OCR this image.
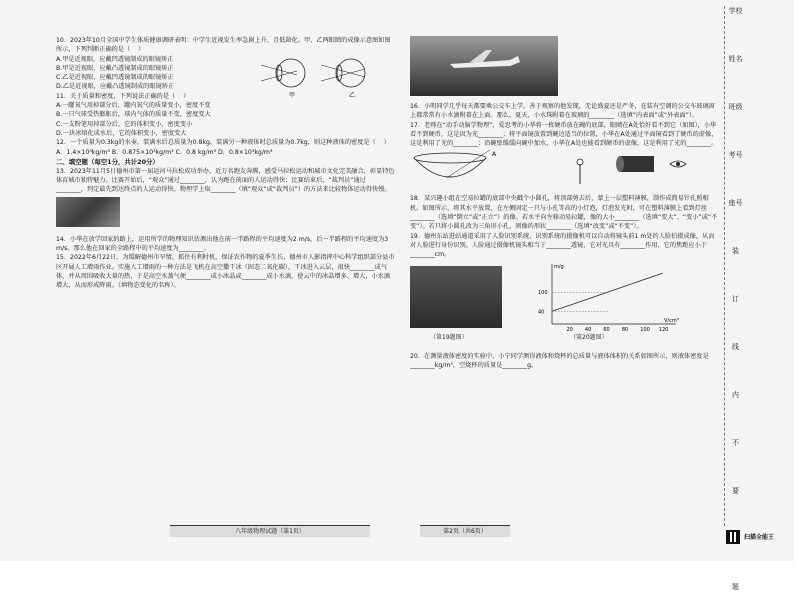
10．2023年10月全国中学生体质健康调研表明：中学生近视发生率急剧上升，且低龄化。甲、乙两眼睛的成像示意图如图所示，下列判断正确的是（    ）

A.甲是近视眼，应戴凹透镜制成的眼镜矫正
B.甲是近视眼，应戴凸透镜制成的眼镜矫正
C.乙是近视眼，应戴凹透镜制成的眼镜矫正
D.乙是近视眼，应戴凸透镜制成的眼镜矫正
甲	乙

11．关于质量和密度，下列说法正确的是（    ）

A.一罐氧气用掉部分后，罐内氧气的质量变小，密度不变
B.一只气球受热膨胀后，球内气体的质量不变，密度变大
C.一支粉笔用掉部分后，它的体积变小，密度变小
D.一块冰熔化成水后，它的体积变小，密度变大

12．一个质量为0.3kg的水壶，装满水后总质量为0.8kg，装满另一种液体时总质量为0.7kg，则这种液体的密度是（    ）

A．1.4×10³kg/m³ B．0.875×10³kg/m³ C．0.8 kg/m³ D．0.8×10³kg/m³
二、填空题（每空1分，共计20分）

13．2023年11月5日德州市第一届运河马拉松成功举办，近万名跑友奔腾，感受马拉松运动和城市文化完美融合，彰显特色体育城市独特魅力。比赛开始后，“观众”通过________，认为跑在前面的人运动得快；比赛结束后，“裁判员”通过________，判定最先到达终点的人运动得快。物理学上取________（填“观众”或“裁判员”）的方法来比较物体运动得快慢。

14．小华在放学回家的路上，运用所学的物理知识估测出他在前一半路程的平均速度为2 m/s，后一半路程的平均速度为3 m/s。那么他在回家的全路程中的平均速度为________。

15．2022年6月22日，为缓解德州市旱情，抓住有利时机，保证农作物的夏季生长，德州市人影指挥中心科学组织部分县市区开展人工增雨作业。实施人工增雨的一种方法是飞机在高空撒干冰（固态二氧化碳），干冰进入云层，很快________成气体，并从周围吸收大量的热，于是高空水蒸气便________成小冰晶或________成小水滴，使云中的冰晶增多、增大，小水滴增大，从而形成降雨。（填物态变化的名称）。

16．小明同学几乎每天都要乘公交车上学，善于观察的他发现，无论盛夏还是严冬，在装有空调的公交车玻璃窗上都常常有小水滴附着在上面。那么，夏天，小水珠附着在玻璃的________（选填“内表面”或“外表面”）。

17．老师在“动手动脑学物理”，爱思考的小华将一枚硬币放在碗的底部，眼睛在A处恰好看不到它（如图），小华看不到硬币，这是因为光________；将平面镜放置到碗边适当的位置，小华在A处通过平面镜看到了硬币的虚像，这是利用了光的________；沿碗壁缓缓向碗中加水，小华在A处也能看到硬币的虚像，这是利用了光的________。

A

18．某兴趣小组在空易拉罐的底部中央戳个小圆孔，将顶部剪去后，蒙上一层塑料薄膜，制作成简易针孔照相机。如图所示，将其水平放置，在左侧固定一只与小孔等高的小灯泡，灯泡发光时，可在塑料薄膜上看到灯丝________（选填“倒立”或“正立”）的像。若水平向左移动易拉罐，像的大小________（选填“变大”、“变小”或“不变”）。若只将小圆孔改为三角形小孔，则像的形状________（选填“改变”或“不变”）。

19．德州东站进站通道采用了人脸识别系统，识别系统的摄像机可以自动将镜头前1 m处的人脸拍摄成像，从而对人脸进行身份识别。人脸通过摄像机镜头相当于________透镜，它对光具有________作用，它的焦距应小于________cm。

（第19题图）
20 40 60 80 100 120
40
100
m/g
V/cm³
（第20题图）

20．在测量液体密度的实验中，小宁同学测得液体和烧杯的总质量与液体体积的关系如图所示，则液体密度是________kg/m³，空烧杯的质量是________g。

学校
姓名
班级
考号
座号
装
订
线
内
不
要
题
八年级物理试题（第1页）	第2页（共6页）
扫描全能王
